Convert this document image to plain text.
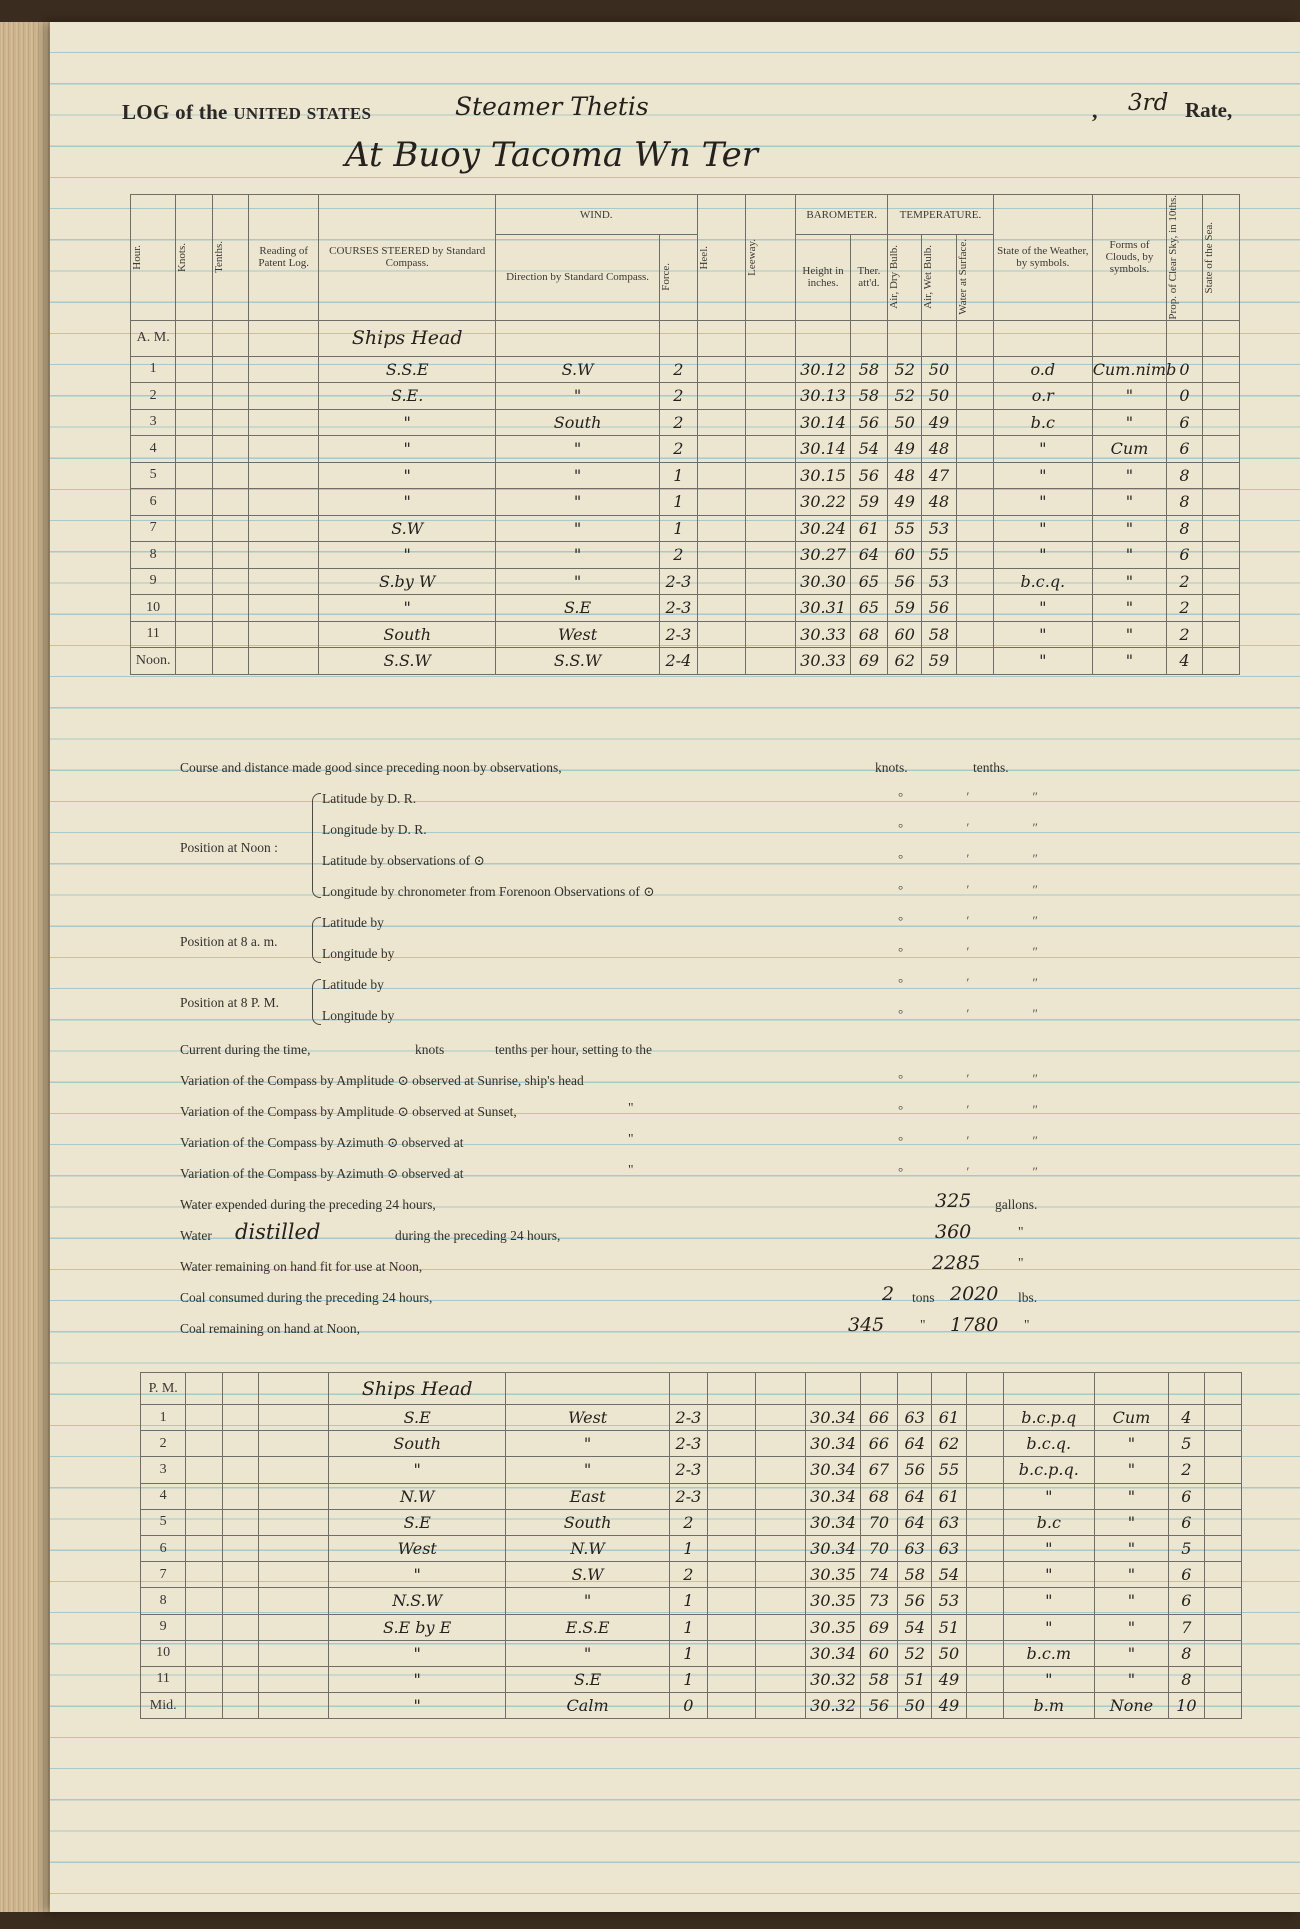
LOG of the UNITED STATES	Steamer Thetis	, 3rd Rate,
At Buoy Tacoma Wn Ter
Hour.	Knots.	Tenths.	Reading of Patent Log.	COURSES STEERED by Standard Compass.	WIND.		Heel.	Leeway.	BAROMETER.		TEMPERATURE.			State of the Weather, by symbols.	Forms of Clouds, by symbols.	Prop. of Clear Sky, in 10ths.	State of the Sea.

					Direction by Standard Compass.	Force.			Height in inches.	Ther. att'd.	Air, Dry Bulb.	Air, Wet Bulb.	Water at Surface.				

A. M.				Ships Head													
1				S.S.E	S.W	2			30.12	58	52	50		o.d	Cum.nimb	0	
2				S.E.	"	2			30.13	58	52	50		o.r	"	0	
3				"	South	2			30.14	56	50	49		b.c	"	6	
4				"	"	2			30.14	54	49	48		"	Cum	6	
5				"	"	1			30.15	56	48	47		"	"	8	
6				"	"	1			30.22	59	49	48		"	"	8	
7				S.W	"	1			30.24	61	55	53		"	"	8	
8				"	"	2			30.27	64	60	55		"	"	6	
9				S.by W	"	2-3			30.30	65	56	53		b.c.q.	"	2	
10				"	S.E	2-3			30.31	65	59	56		"	"	2	
11				South	West	2-3			30.33	68	60	58		"	"	2	
Noon.				S.S.W	S.S.W	2-4			30.33	69	62	59		"	"	4	
Course and distance made good since preceding noon by observations,	knots.	tenths.
Position at Noon :
Latitude by D. R.
Longitude by D. R.
Latitude by observations of ⊙
Longitude by chronometer from Forenoon Observations of ⊙
Position at 8 a. m.
Latitude by
Longitude by
Position at 8 P. M.
Latitude by
Longitude by
Current during the time,	knots	tenths per hour, setting to the
Variation of the Compass by Amplitude ⊙ observed at Sunrise, ship's head
Variation of the Compass by Amplitude ⊙ observed at Sunset,	"
Variation of the Compass by Azimuth ⊙ observed at	"
Variation of the Compass by Azimuth ⊙ observed at	"
° ′ ″
° ′ ″
° ′ ″
° ′ ″
° ′ ″
° ′ ″
° ′ ″
° ′ ″
° ′ ″
° ′ ″
° ′ ″
° ′ ″
Water expended during the preceding 24 hours,	325 gallons.
Water distilled	during the preceding 24 hours,	360	"
Water remaining on hand fit for use at Noon,	2285	"
Coal consumed during the preceding 24 hours,	2 tons 2020 lbs.
Coal remaining on hand at Noon,	345	" 1780 "
P. M.				Ships Head													
1				S.E	West	2-3			30.34	66	63	61		b.c.p.q	Cum	4	
2				South	"	2-3			30.34	66	64	62		b.c.q.	"	5	
3				"	"	2-3			30.34	67	56	55		b.c.p.q.	"	2	
4				N.W	East	2-3			30.34	68	64	61		"	"	6	
5				S.E	South	2			30.34	70	64	63		b.c	"	6	
6				West	N.W	1			30.34	70	63	63		"	"	5	
7				"	S.W	2			30.35	74	58	54		"	"	6	
8				N.S.W	"	1			30.35	73	56	53		"	"	6	
9				S.E by E	E.S.E	1			30.35	69	54	51		"	"	7	
10				"	"	1			30.34	60	52	50		b.c.m	"	8	
11				"	S.E	1			30.32	58	51	49		"	"	8	
Mid.				"	Calm	0			30.32	56	50	49		b.m	None	10	
